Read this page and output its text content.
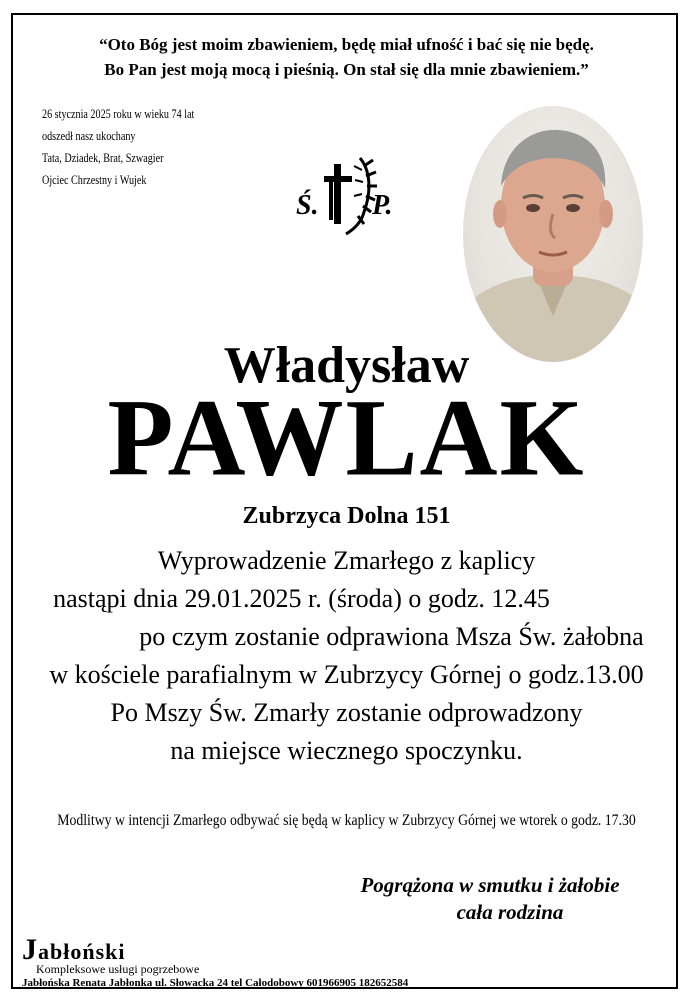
“Oto Bóg jest moim zbawieniem, będę miał ufność i bać się nie będę.
Bo Pan jest moją mocą i pieśnią. On stał się dla mnie zbawieniem.”
26 stycznia 2025 roku w wieku 74 lat
odszedł nasz ukochany
Tata, Dziadek, Brat, Szwagier
Ojciec Chrzestny i Wujek
Ś. P.
Władysław
PAWLAK
Zubrzyca Dolna 151
Wyprowadzenie Zmarłego z kaplicy
nastąpi dnia 29.01.2025 r. (środa) o godz. 12.45
po czym zostanie odprawiona Msza Św. żałobna
w kościele parafialnym w Zubrzycy Górnej o godz.13.00
Po Mszy Św. Zmarły zostanie odprowadzony
na miejsce wiecznego spoczynku.
Modlitwy w intencji Zmarłego odbywać się będą w kaplicy w Zubrzycy Górnej we wtorek o godz. 17.30
Pogrążona w smutku i żałobie
cała rodzina
Jabłoński
Kompleksowe usługi pogrzebowe
Jabłońska Renata Jabłonka ul. Słowacka 24 tel Całodobowy 601966905 182652584
